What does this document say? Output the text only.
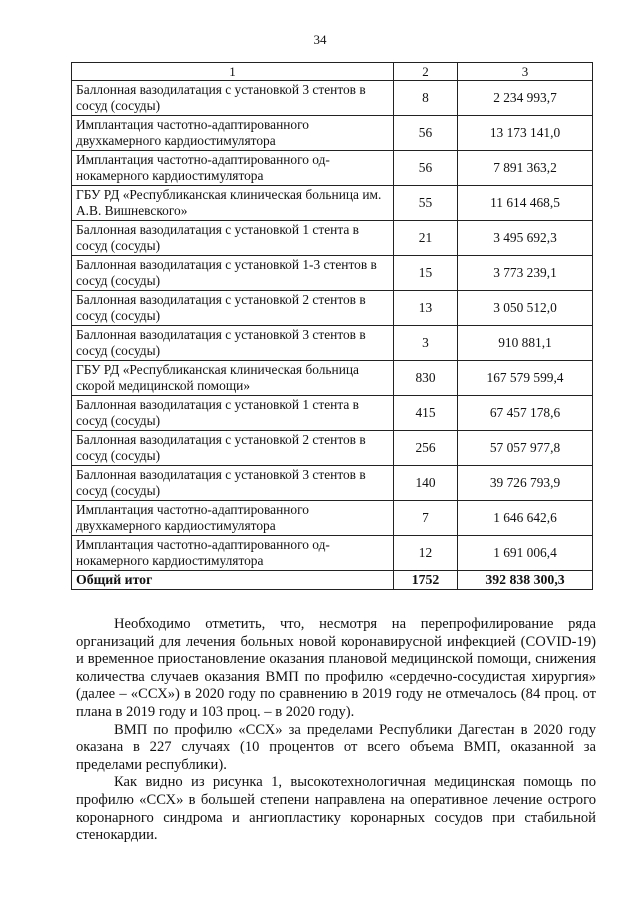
34
1	2	3
Баллонная вазодилатация с установкой 3 стентов в сосуд (сосуды)	8	2 234 993,7
Имплантация частотно-адаптированного двухкамерного кардиостимулятора	56	13 173 141,0
Имплантация частотно-адаптированного од-нокамерного кардиостимулятора	56	7 891 363,2
ГБУ РД «Республиканская клиническая больница им. А.В. Вишневского»	55	11 614 468,5
Баллонная вазодилатация с установкой 1 стента в сосуд (сосуды)	21	3 495 692,3
Баллонная вазодилатация с установкой 1-3 стентов в сосуд (сосуды)	15	3 773 239,1
Баллонная вазодилатация с установкой 2 стентов в сосуд (сосуды)	13	3 050 512,0
Баллонная вазодилатация с установкой 3 стентов в сосуд (сосуды)	3	910 881,1
ГБУ РД «Республиканская клиническая больница скорой медицинской помощи»	830	167 579 599,4
Баллонная вазодилатация с установкой 1 стента в сосуд (сосуды)	415	67 457 178,6
Баллонная вазодилатация с установкой 2 стентов в сосуд (сосуды)	256	57 057 977,8
Баллонная вазодилатация с установкой 3 стентов в сосуд (сосуды)	140	39 726 793,9
Имплантация частотно-адаптированного двухкамерного кардиостимулятора	7	1 646 642,6
Имплантация частотно-адаптированного од-нокамерного кардиостимулятора	12	1 691 006,4
Общий итог	1752	392 838 300,3

Необходимо отметить, что, несмотря на перепрофилирование ряда организаций для лечения больных новой коронавирусной инфекцией (COVID-19) и временное приостановление оказания плановой медицинской помощи, снижения количества случаев оказания ВМП по профилю «сердечно-сосудистая хирургия» (далее – «ССХ») в 2020 году по сравнению в 2019 году не отмечалось (84 проц. от плана в 2019 году и 103 проц. – в 2020 году).

ВМП по профилю «ССХ» за пределами Республики Дагестан в 2020 году оказана в 227 случаях (10 процентов от всего объема ВМП, оказанной за пределами республики).

Как видно из рисунка 1, высокотехнологичная медицинская помощь по профилю «ССХ» в большей степени направлена на оперативное лечение острого коронарного синдрома и ангиопластику коронарных сосудов при стабильной стенокардии.
